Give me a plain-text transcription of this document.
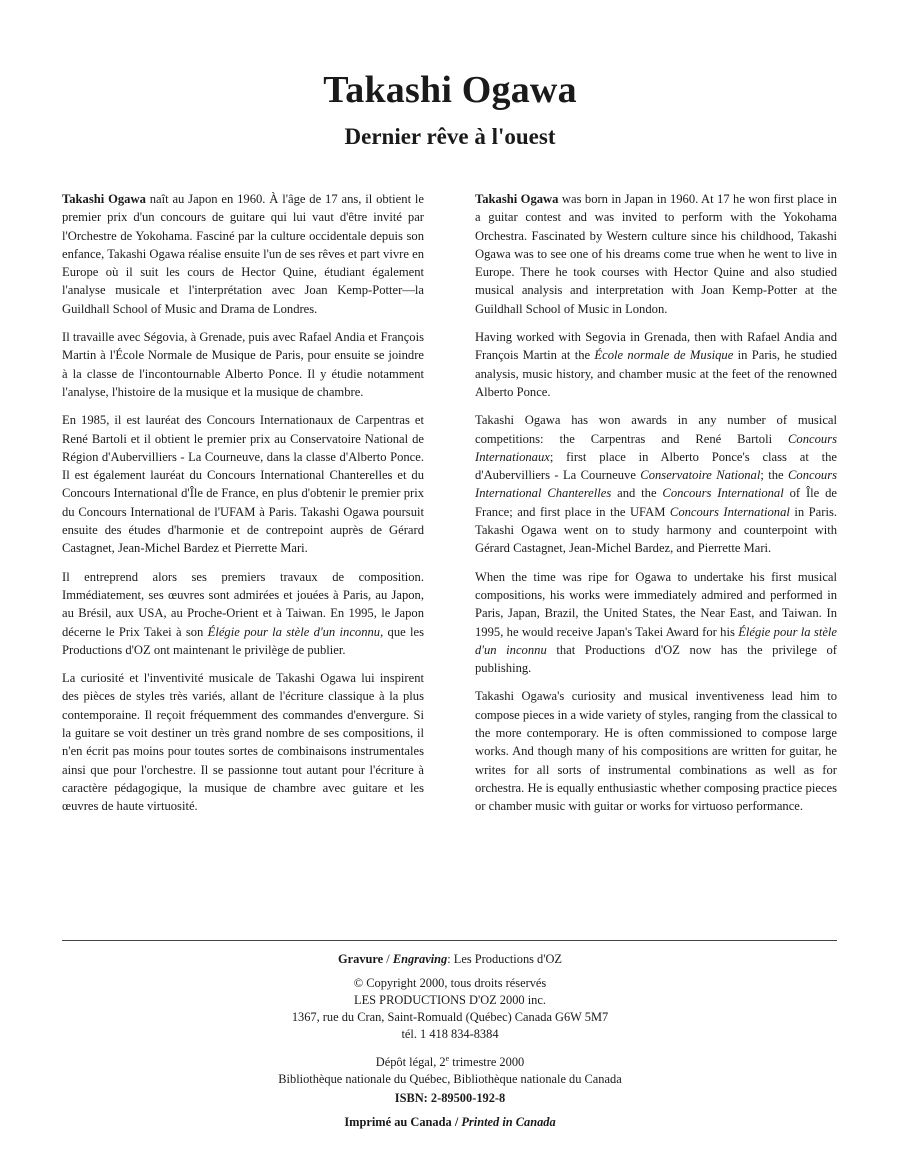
Takashi Ogawa
Dernier rêve à l'ouest

Takashi Ogawa naît au Japon en 1960. À l'âge de 17 ans, il obtient le premier prix d'un concours de guitare qui lui vaut d'être invité par l'Orchestre de Yokohama. Fasciné par la culture occidentale depuis son enfance, Takashi Ogawa réalise ensuite l'un de ses rêves et part vivre en Europe où il suit les cours de Hector Quine, étudiant également l'analyse musicale et l'interprétation avec Joan Kemp-Potter—la Guildhall School of Music and Drama de Londres.

Il travaille avec Ségovia, à Grenade, puis avec Rafael Andia et François Martin à l'École Normale de Musique de Paris, pour ensuite se joindre à la classe de l'incontournable Alberto Ponce. Il y étudie notamment l'analyse, l'histoire de la musique et la musique de chambre.

En 1985, il est lauréat des Concours Internationaux de Carpentras et René Bartoli et il obtient le premier prix au Conservatoire National de Région d'Aubervilliers - La Courneuve, dans la classe d'Alberto Ponce. Il est également lauréat du Concours International Chanterelles et du Concours International d'Île de France, en plus d'obtenir le premier prix du Concours International de l'UFAM à Paris. Takashi Ogawa poursuit ensuite des études d'harmonie et de contrepoint auprès de Gérard Castagnet, Jean-Michel Bardez et Pierrette Mari.

Il entreprend alors ses premiers travaux de composition. Immédiatement, ses œuvres sont admirées et jouées à Paris, au Japon, au Brésil, aux USA, au Proche-Orient et à Taiwan. En 1995, le Japon décerne le Prix Takei à son Élégie pour la stèle d'un inconnu, que les Productions d'OZ ont maintenant le privilège de publier.

La curiosité et l'inventivité musicale de Takashi Ogawa lui inspirent des pièces de styles très variés, allant de l'écriture classique à la plus contemporaine. Il reçoit fréquemment des commandes d'envergure. Si la guitare se voit destiner un très grand nombre de ses compositions, il n'en écrit pas moins pour toutes sortes de combinaisons instrumentales ainsi que pour l'orchestre. Il se passionne tout autant pour l'écriture à caractère pédagogique, la musique de chambre avec guitare et les œuvres de haute virtuosité.

Takashi Ogawa was born in Japan in 1960. At 17 he won first place in a guitar contest and was invited to perform with the Yokohama Orchestra. Fascinated by Western culture since his childhood, Takashi Ogawa was to see one of his dreams come true when he went to live in Europe. There he took courses with Hector Quine and also studied musical analysis and interpretation with Joan Kemp-Potter at the Guildhall School of Music in London.

Having worked with Segovia in Grenada, then with Rafael Andia and François Martin at the École normale de Musique in Paris, he studied analysis, music history, and chamber music at the feet of the renowned Alberto Ponce.

Takashi Ogawa has won awards in any number of musical competitions: the Carpentras and René Bartoli Concours Internationaux; first place in Alberto Ponce's class at the d'Aubervilliers - La Courneuve Conservatoire National; the Concours International Chanterelles and the Concours International of Île de France; and first place in the UFAM Concours International in Paris. Takashi Ogawa went on to study harmony and counterpoint with Gérard Castagnet, Jean-Michel Bardez, and Pierrette Mari.

When the time was ripe for Ogawa to undertake his first musical compositions, his works were immediately admired and performed in Paris, Japan, Brazil, the United States, the Near East, and Taiwan. In 1995, he would receive Japan's Takei Award for his Élégie pour la stèle d'un inconnu that Productions d'OZ now has the privilege of publishing.

Takashi Ogawa's curiosity and musical inventiveness lead him to compose pieces in a wide variety of styles, ranging from the classical to the more contemporary. He is often commissioned to compose large works. And though many of his compositions are written for guitar, he writes for all sorts of instrumental combinations as well as for orchestra. He is equally enthusiastic whether composing practice pieces or chamber music with guitar or works for virtuoso performance.

Gravure / Engraving: Les Productions d'OZ
© Copyright 2000, tous droits réservés
LES PRODUCTIONS D'OZ 2000 inc.
1367, rue du Cran, Saint-Romuald (Québec) Canada G6W 5M7
tél. 1 418 834-8384
Dépôt légal, 2e trimestre 2000
Bibliothèque nationale du Québec, Bibliothèque nationale du Canada
ISBN: 2-89500-192-8
Imprimé au Canada / Printed in Canada
